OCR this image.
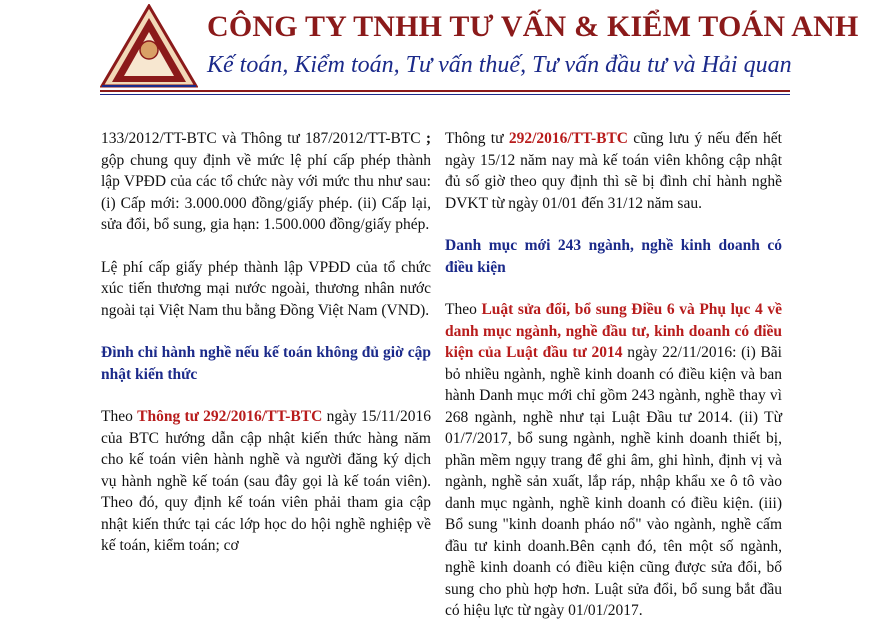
CÔNG TY TNHH TƯ VẤN & KIỂM TOÁN ANH
Kế toán, Kiểm toán, Tư vấn thuế, Tư vấn đầu tư và Hải quan

133/2012/TT-BTC và Thông tư 187/2012/TT-BTC ; gộp chung quy định về mức lệ phí cấp phép thành lập VPĐD của các tổ chức này với mức thu như sau: (i) Cấp mới: 3.000.000 đồng/giấy phép. (ii) Cấp lại, sửa đổi, bổ sung, gia hạn: 1.500.000 đồng/giấy phép.

Lệ phí cấp giấy phép thành lập VPĐD của tổ chức xúc tiến thương mại nước ngoài, thương nhân nước ngoài tại Việt Nam thu bằng Đồng Việt Nam (VND).

Đình chỉ hành nghề nếu kế toán không đủ giờ cập nhật kiến thức

Theo Thông tư 292/2016/TT-BTC ngày 15/11/2016 của BTC hướng dẫn cập nhật kiến thức hàng năm cho kế toán viên hành nghề và người đăng ký dịch vụ hành nghề kế toán (sau đây gọi là kế toán viên). Theo đó, quy định kế toán viên phải tham gia cập nhật kiến thức tại các lớp học do hội nghề nghiệp về kế toán, kiểm toán; cơ

Thông tư 292/2016/TT-BTC cũng lưu ý nếu đến hết ngày 15/12 năm nay mà kế toán viên không cập nhật đủ số giờ theo quy định thì sẽ bị đình chỉ hành nghề DVKT từ ngày 01/01 đến 31/12 năm sau.

Danh mục mới 243 ngành, nghề kinh doanh có điều kiện

Theo Luật sửa đổi, bổ sung Điều 6 và Phụ lục 4 về danh mục ngành, nghề đầu tư, kinh doanh có điều kiện của Luật đầu tư 2014 ngày 22/11/2016: (i) Bãi bỏ nhiều ngành, nghề kinh doanh có điều kiện và ban hành Danh mục mới chỉ gồm 243 ngành, nghề thay vì 268 ngành, nghề như tại Luật Đầu tư 2014. (ii) Từ 01/7/2017, bổ sung ngành, nghề kinh doanh thiết bị, phần mềm ngụy trang để ghi âm, ghi hình, định vị và ngành, nghề sản xuất, lắp ráp, nhập khẩu xe ô tô vào danh mục ngành, nghề kinh doanh có điều kiện. (iii) Bổ sung "kinh doanh pháo nổ" vào ngành, nghề cấm đầu tư kinh doanh.Bên cạnh đó, tên một số ngành, nghề kinh doanh có điều kiện cũng được sửa đổi, bổ sung cho phù hợp hơn. Luật sửa đổi, bổ sung bắt đầu có hiệu lực từ ngày 01/01/2017.
